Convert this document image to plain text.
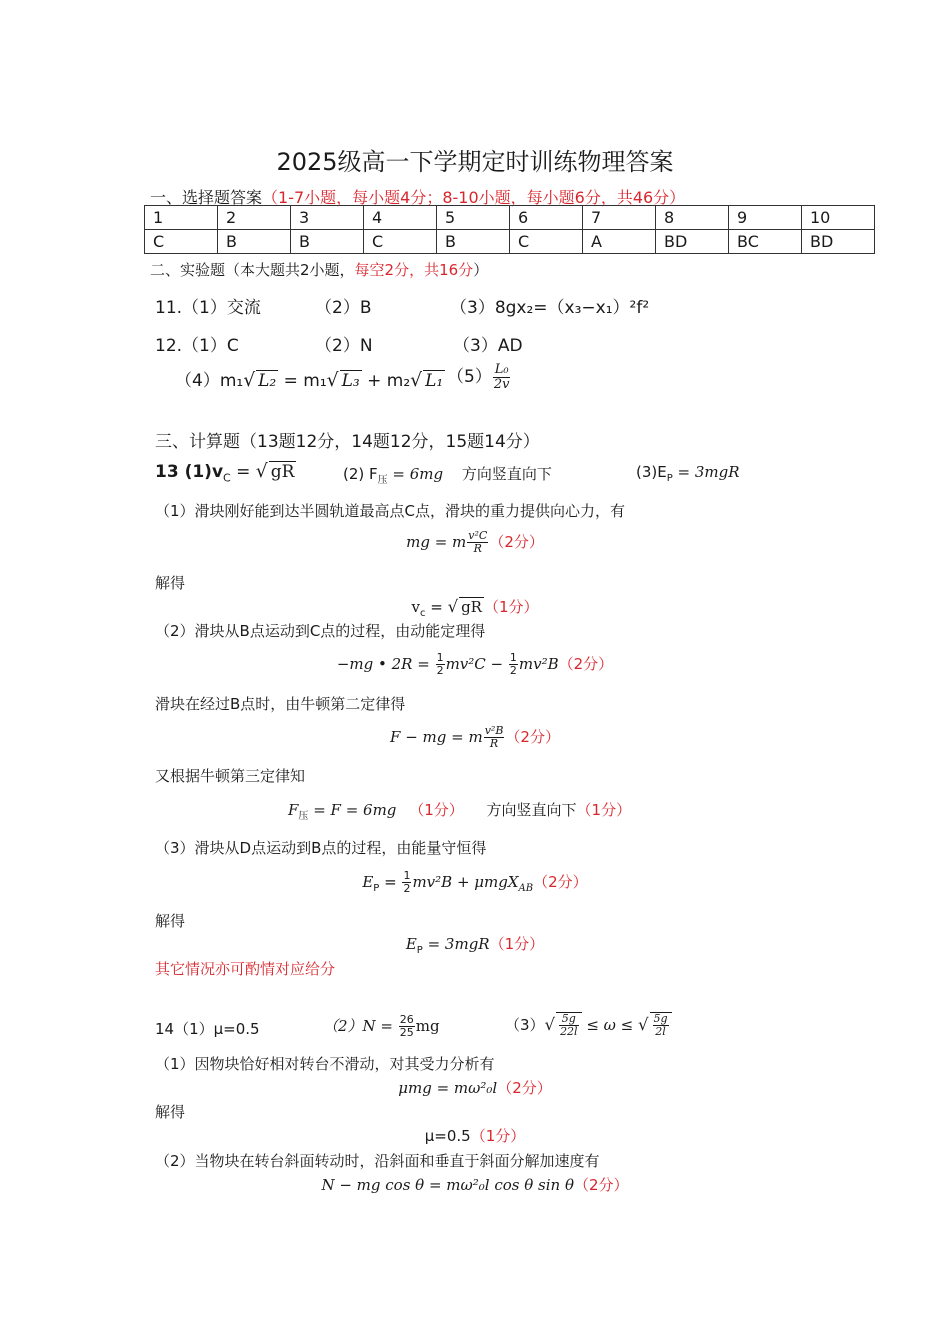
2025级高一下学期定时训练物理答案
一、选择题答案（1-7小题，每小题4分；8-10小题，每小题6分，共46分）
1	2	3	4	5	6	7	8	9	10
C	B	B	C	B	C	A	BD	BC	BD
二、实验题（本大题共2小题，每空2分，共16分）
11.（1）交流	（2）B	（3）8gx₂=（x₃−x₁）²f²
12.（1）C	（2）N	（3）AD
（4）m₁√ L₂ = m₁√ L₃ + m₂√ L₁ $(5) \frac{\text{L₀}}{2v}$
三、计算题（13题12分，14题12分，15题14分）
13 $(1)v_C$ = √ gR	(2) $F_压 = 6mg$ 方向竖直向下	$(3)E_P = 3mgR$
（1）滑块刚好能到达半圆轨道最高点C点，滑块的重力提供向心力，有
mg = m $\frac{\text{v²C}}{R} (2$分）
解得
$v_c$ = √ gR （1分）
（2）滑块从B点运动到C点的过程，由动能定理得
−mg • $2R = \frac{1}{2} mv^2C - \frac{1}{2} mv^2B(2$分）
滑块在经过B点时，由牛顿第二定律得
F − mg = m $\frac{\text{v²B}}{R} (2$分）
又根据牛顿第三定律知
$F_压 = F = 6mg$ （1分） 方向竖直向下（1分）
（3）滑块从D点运动到B点的过程，由能量守恒得
$E_P = \frac{1}{2} mv^2B + \mu mgX_{AB}(2$分）
解得
$E_P = 3mgR(1$分）
其它情况亦可酌情对应给分
14（1）μ=0.5	$(2)N = \frac{26}{25}$ mg	$(3)√ \frac{5g}{22l} \le \omega$ ≤ √ $\frac{5g}{2l}$
（1）因物块恰好相对转台不滑动，对其受力分析有
μmg = mω²₀l（2分）
解得
μ=0.5（1分）
（2）当物块在转台斜面转动时，沿斜面和垂直于斜面分解加速度有
N − mg cos θ = mω²₀l cos θ sin θ（2分）
